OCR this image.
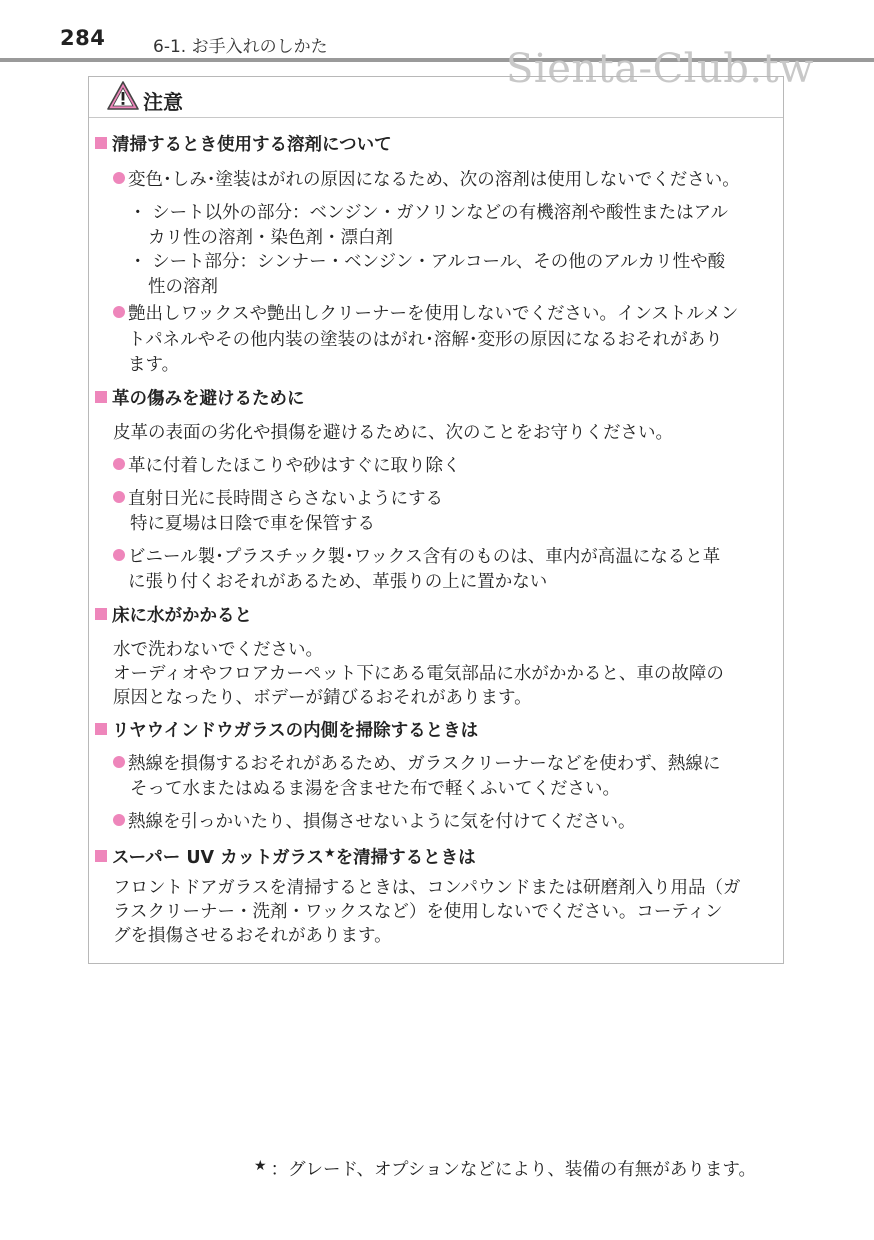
284	6-1. お手入れのしかた	Sienta-Club.tw
注意
清掃するとき使用する溶剤について
変色･しみ･塗装はがれの原因になるため、次の溶剤は使用しないでください。
・ シート以外の部分：ベンジン・ガソリンなどの有機溶剤や酸性またはアル
カリ性の溶剤・染色剤・漂白剤
・ シート部分：シンナー・ベンジン・アルコール、その他のアルカリ性や酸
性の溶剤
艶出しワックスや艶出しクリーナーを使用しないでください。インストルメン
トパネルやその他内装の塗装のはがれ･溶解･変形の原因になるおそれがあり
ます。
革の傷みを避けるために
皮革の表面の劣化や損傷を避けるために、次のことをお守りください。
革に付着したほこりや砂はすぐに取り除く
直射日光に長時間さらさないようにする
特に夏場は日陰で車を保管する
ビニール製･プラスチック製･ワックス含有のものは、車内が高温になると革
に張り付くおそれがあるため、革張りの上に置かない
床に水がかかると
水で洗わないでください。
オーディオやフロアカーペット下にある電気部品に水がかかると、車の故障の
原因となったり、ボデーが錆びるおそれがあります。
リヤウインドウガラスの内側を掃除するときは
熱線を損傷するおそれがあるため、ガラスクリーナーなどを使わず、熱線に
そって水またはぬるま湯を含ませた布で軽くふいてください。
熱線を引っかいたり、損傷させないように気を付けてください。
スーパー UV カットガラス★を清掃するときは
フロントドアガラスを清掃するときは、コンパウンドまたは研磨剤入り用品（ガ
ラスクリーナー・洗剤・ワックスなど）を使用しないでください。コーティン
グを損傷させるおそれがあります。
★ ：グレード、オプションなどにより、装備の有無があります。
